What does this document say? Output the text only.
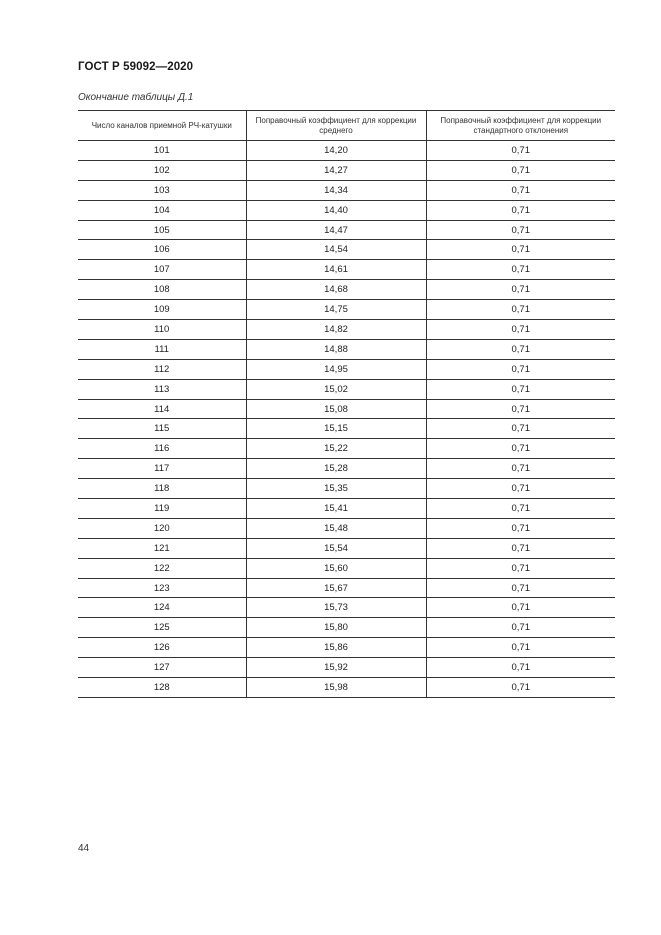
ГОСТ Р 59092—2020
Окончание таблицы Д.1
Число каналов приемной РЧ-катушки	Поправочный коэффициент для коррекции среднего	Поправочный коэффициент для коррекции стандартного отклонения
101	14,20	0,71
102	14,27	0,71
103	14,34	0,71
104	14,40	0,71
105	14,47	0,71
106	14,54	0,71
107	14,61	0,71
108	14,68	0,71
109	14,75	0,71
110	14,82	0,71
111	14,88	0,71
112	14,95	0,71
113	15,02	0,71
114	15,08	0,71
115	15,15	0,71
116	15,22	0,71
117	15,28	0,71
118	15,35	0,71
119	15,41	0,71
120	15,48	0,71
121	15,54	0,71
122	15,60	0,71
123	15,67	0,71
124	15,73	0,71
125	15,80	0,71
126	15,86	0,71
127	15,92	0,71
128	15,98	0,71
44
